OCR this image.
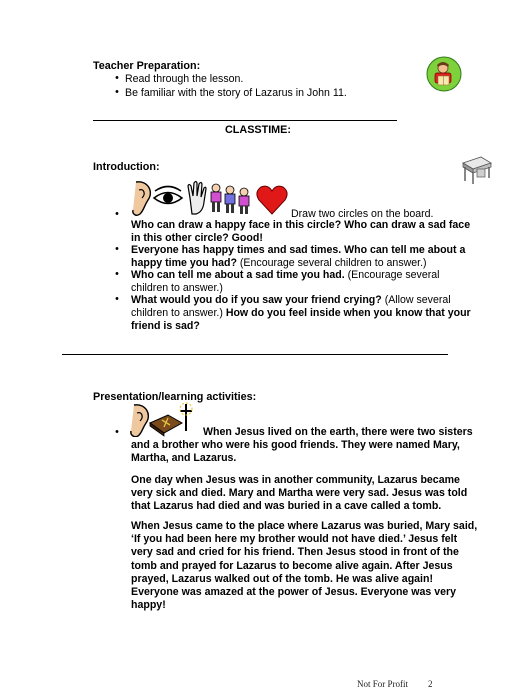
Teacher Preparation:
• Read through the lesson.
• Be familiar with the story of Lazarus in John 11.
CLASSTIME:
Introduction:
•	Draw two circles on the board.
Who can draw a happy face in this circle? Who can draw a sad face in this other circle? Good!
• Everyone has happy times and sad times. Who can tell me about a happy time you had? (Encourage several children to answer.)

• Who can tell me about a sad time you had. (Encourage several children to answer.)

• What would you do if you saw your friend crying? (Allow several children to answer.) How do you feel inside when you know that your friend is sad?

Presentation/learning activities:
•	When Jesus lived on the earth, there were two sisters and a brother who were his good friends. They were named Mary, Martha, and Lazarus.

One day when Jesus was in another community, Lazarus became very sick and died. Mary and Martha were very sad. Jesus was told that Lazarus had died and was buried in a cave called a tomb.

When Jesus came to the place where Lazarus was buried, Mary said, ‘If you had been here my brother would not have died.’ Jesus felt very sad and cried for his friend. Then Jesus stood in front of the tomb and prayed for Lazarus to become alive again. After Jesus prayed, Lazarus walked out of the tomb. He was alive again! Everyone was amazed at the power of Jesus. Everyone was very happy!

Not For Profit 2
